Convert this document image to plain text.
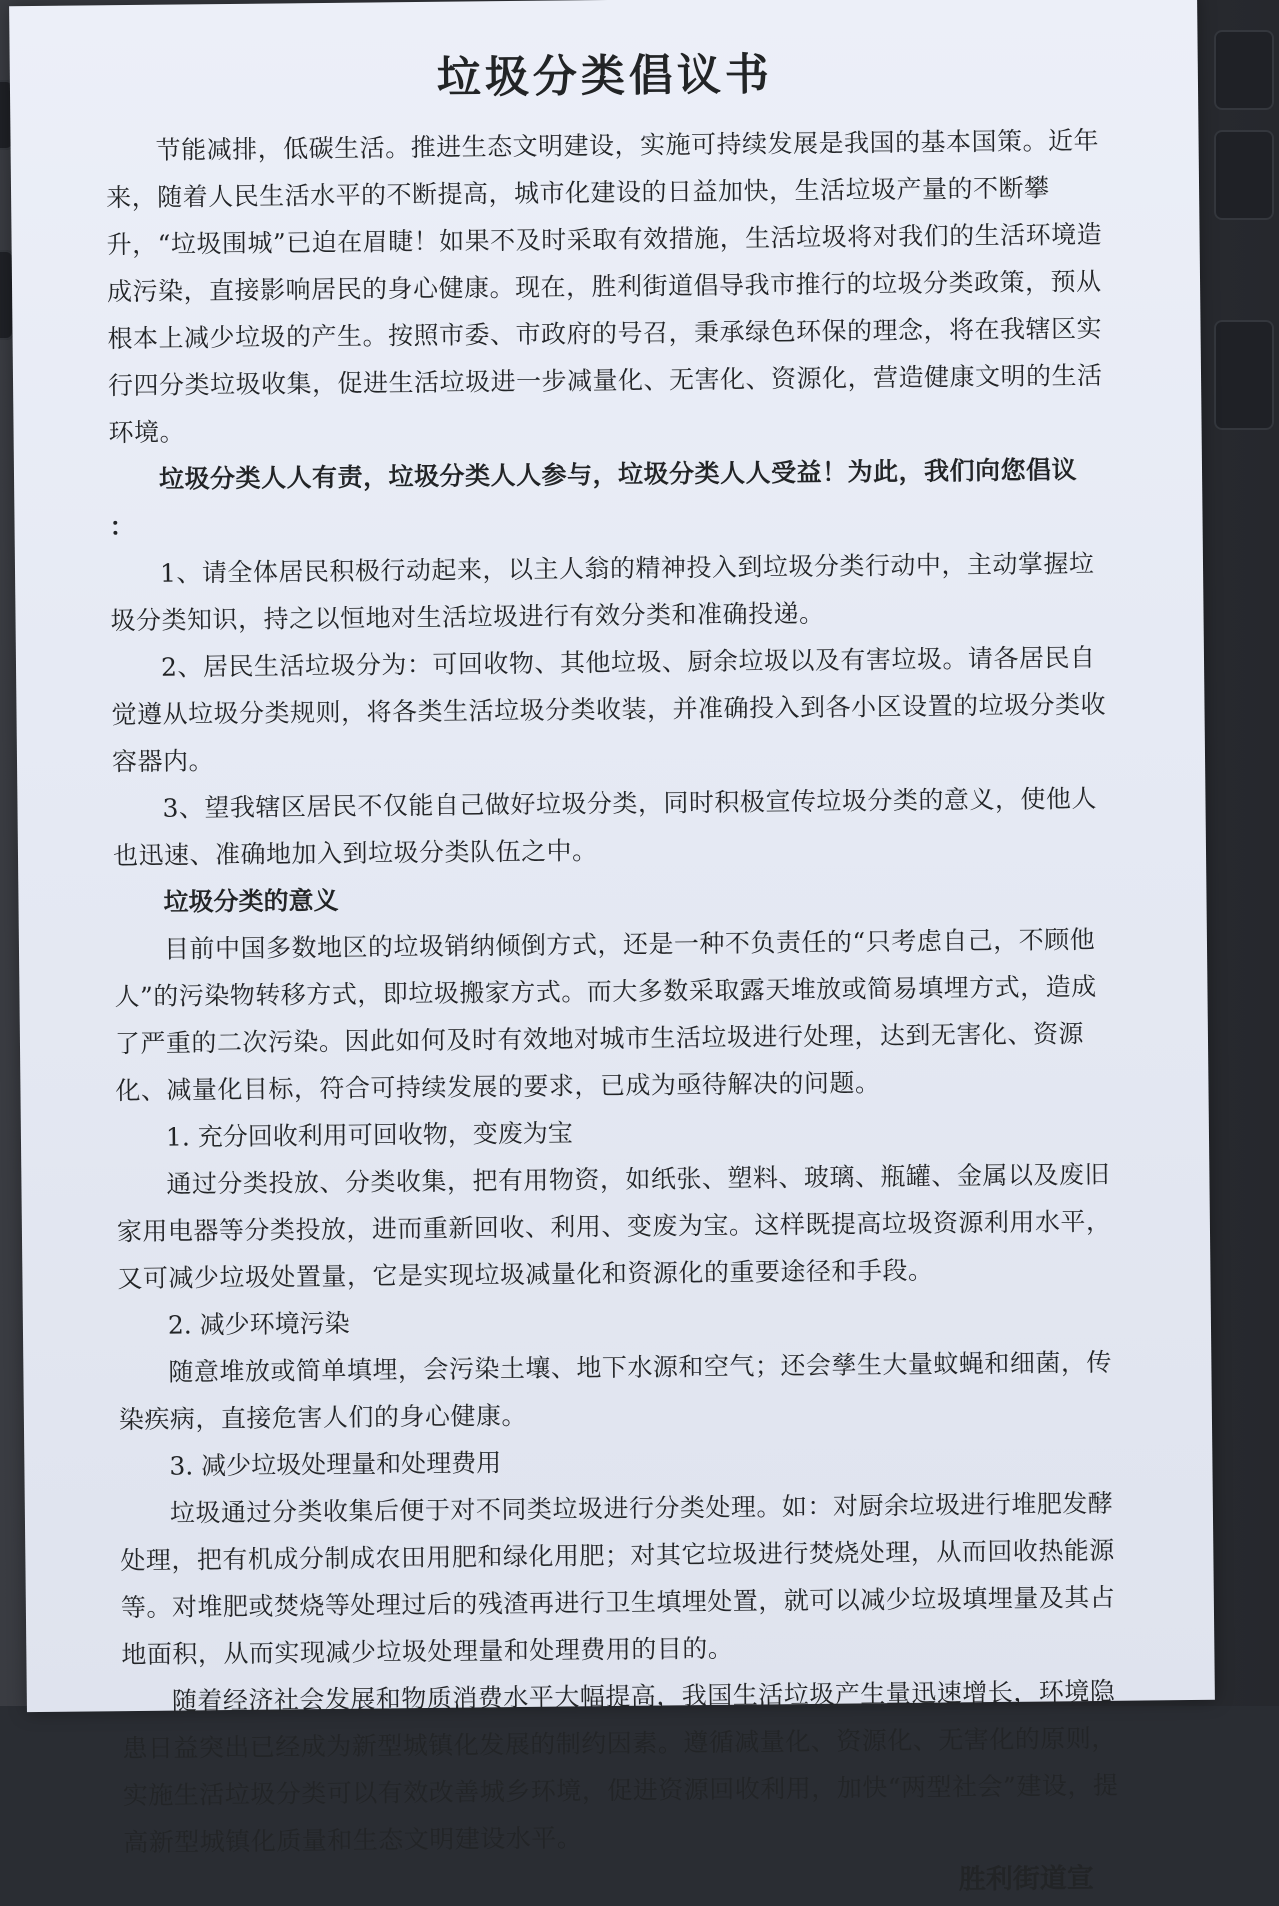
垃圾分类倡议书

节能减排，低碳生活。推进生态文明建设，实施可持续发展是我国的基本国策。近年来，随着人民生活水平的不断提高，城市化建设的日益加快，生活垃圾产量的不断攀升，“垃圾围城”已迫在眉睫！如果不及时采取有效措施，生活垃圾将对我们的生活环境造成污染，直接影响居民的身心健康。现在，胜利街道倡导我市推行的垃圾分类政策，预从根本上减少垃圾的产生。按照市委、市政府的号召，秉承绿色环保的理念，将在我辖区实行四分类垃圾收集，促进生活垃圾进一步减量化、无害化、资源化，营造健康文明的生活环境。

垃圾分类人人有责，垃圾分类人人参与，垃圾分类人人受益！为此，我们向您倡议 ：

1、请全体居民积极行动起来，以主人翁的精神投入到垃圾分类行动中，主动掌握垃圾分类知识，持之以恒地对生活垃圾进行有效分类和准确投递。

2、居民生活垃圾分为：可回收物、其他垃圾、厨余垃圾以及有害垃圾。请各居民自觉遵从垃圾分类规则，将各类生活垃圾分类收装，并准确投入到各小区设置的垃圾分类收容器内。

3、望我辖区居民不仅能自己做好垃圾分类，同时积极宣传垃圾分类的意义，使他人也迅速、准确地加入到垃圾分类队伍之中。

垃圾分类的意义

目前中国多数地区的垃圾销纳倾倒方式，还是一种不负责任的“只考虑自己，不顾他人”的污染物转移方式，即垃圾搬家方式。而大多数采取露天堆放或简易填埋方式，造成了严重的二次污染。因此如何及时有效地对城市生活垃圾进行处理，达到无害化、资源化、减量化目标，符合可持续发展的要求，已成为亟待解决的问题。

1. 充分回收利用可回收物，变废为宝

通过分类投放、分类收集，把有用物资，如纸张、塑料、玻璃、瓶罐、金属以及废旧家用电器等分类投放，进而重新回收、利用、变废为宝。这样既提高垃圾资源利用水平，又可减少垃圾处置量，它是实现垃圾减量化和资源化的重要途径和手段。

2. 减少环境污染

随意堆放或简单填埋，会污染土壤、地下水源和空气；还会孳生大量蚊蝇和细菌，传染疾病，直接危害人们的身心健康。

3. 减少垃圾处理量和处理费用

垃圾通过分类收集后便于对不同类垃圾进行分类处理。如：对厨余垃圾进行堆肥发酵处理，把有机成分制成农田用肥和绿化用肥；对其它垃圾进行焚烧处理，从而回收热能源等。对堆肥或焚烧等处理过后的残渣再进行卫生填埋处置，就可以减少垃圾填埋量及其占地面积，从而实现减少垃圾处理量和处理费用的目的。

随着经济社会发展和物质消费水平大幅提高，我国生活垃圾产生量迅速增长，环境隐患日益突出已经成为新型城镇化发展的制约因素。遵循减量化、资源化、无害化的原则，实施生活垃圾分类可以有效改善城乡环境，促进资源回收利用，加快“两型社会”建设，提高新型城镇化质量和生态文明建设水平。

胜利街道宣
